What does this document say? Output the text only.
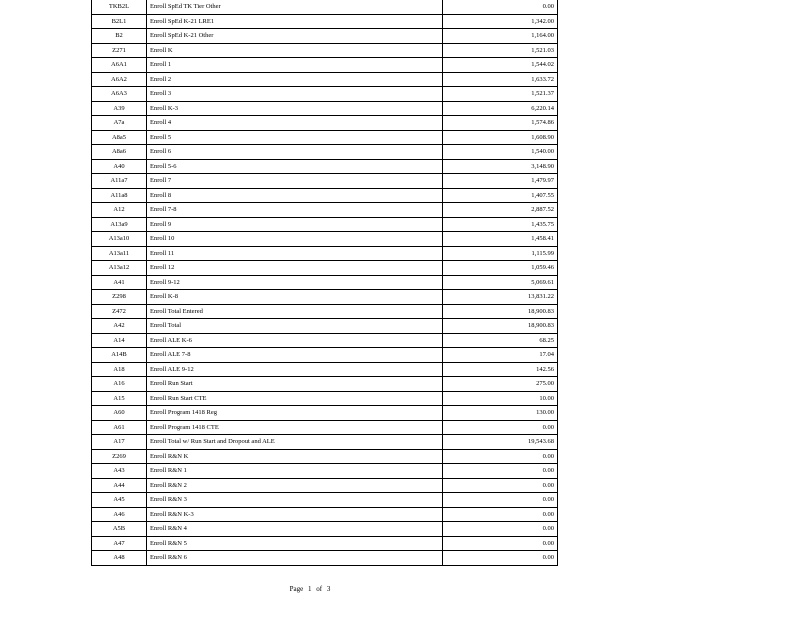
TKB2L	Enroll SpEd TK Tier Other	0.00
B2L1	Enroll SpEd K-21 LRE1	1,342.00
B2	Enroll SpEd K-21 Other	1,164.00
Z271	Enroll K	1,521.03
A6A1	Enroll 1	1,544.02
A6A2	Enroll 2	1,633.72
A6A3	Enroll 3	1,521.37
A39	Enroll K-3	6,220.14
A7a	Enroll 4	1,574.86
A8a5	Enroll 5	1,608.90
A8a6	Enroll 6	1,540.00
A40	Enroll 5-6	3,148.90
A11a7	Enroll 7	1,479.97
A11a8	Enroll 8	1,407.55
A12	Enroll 7-8	2,887.52
A13a9	Enroll 9	1,435.75
A13a10	Enroll 10	1,458.41
A13a11	Enroll 11	1,115.99
A13a12	Enroll 12	1,059.46
A41	Enroll 9-12	5,069.61
Z298	Enroll K-8	13,831.22
Z472	Enroll Total Entered	18,900.83
A42	Enroll Total	18,900.83
A14	Enroll ALE K-6	68.25
A14B	Enroll ALE 7-8	17.04
A18	Enroll ALE 9-12	142.56
A16	Enroll Run Start	275.00
A15	Enroll Run Start CTE	10.00
A60	Enroll Program 1418 Reg	130.00
A61	Enroll Program 1418 CTE	0.00
A17	Enroll Total w/ Run Start and Dropout and ALE	19,543.68
Z269	Enroll R&N K	0.00
A43	Enroll R&N 1	0.00
A44	Enroll R&N 2	0.00
A45	Enroll R&N 3	0.00
A46	Enroll R&N K-3	0.00
A5B	Enroll R&N 4	0.00
A47	Enroll R&N 5	0.00
A48	Enroll R&N 6	0.00
Page 1 of 3
